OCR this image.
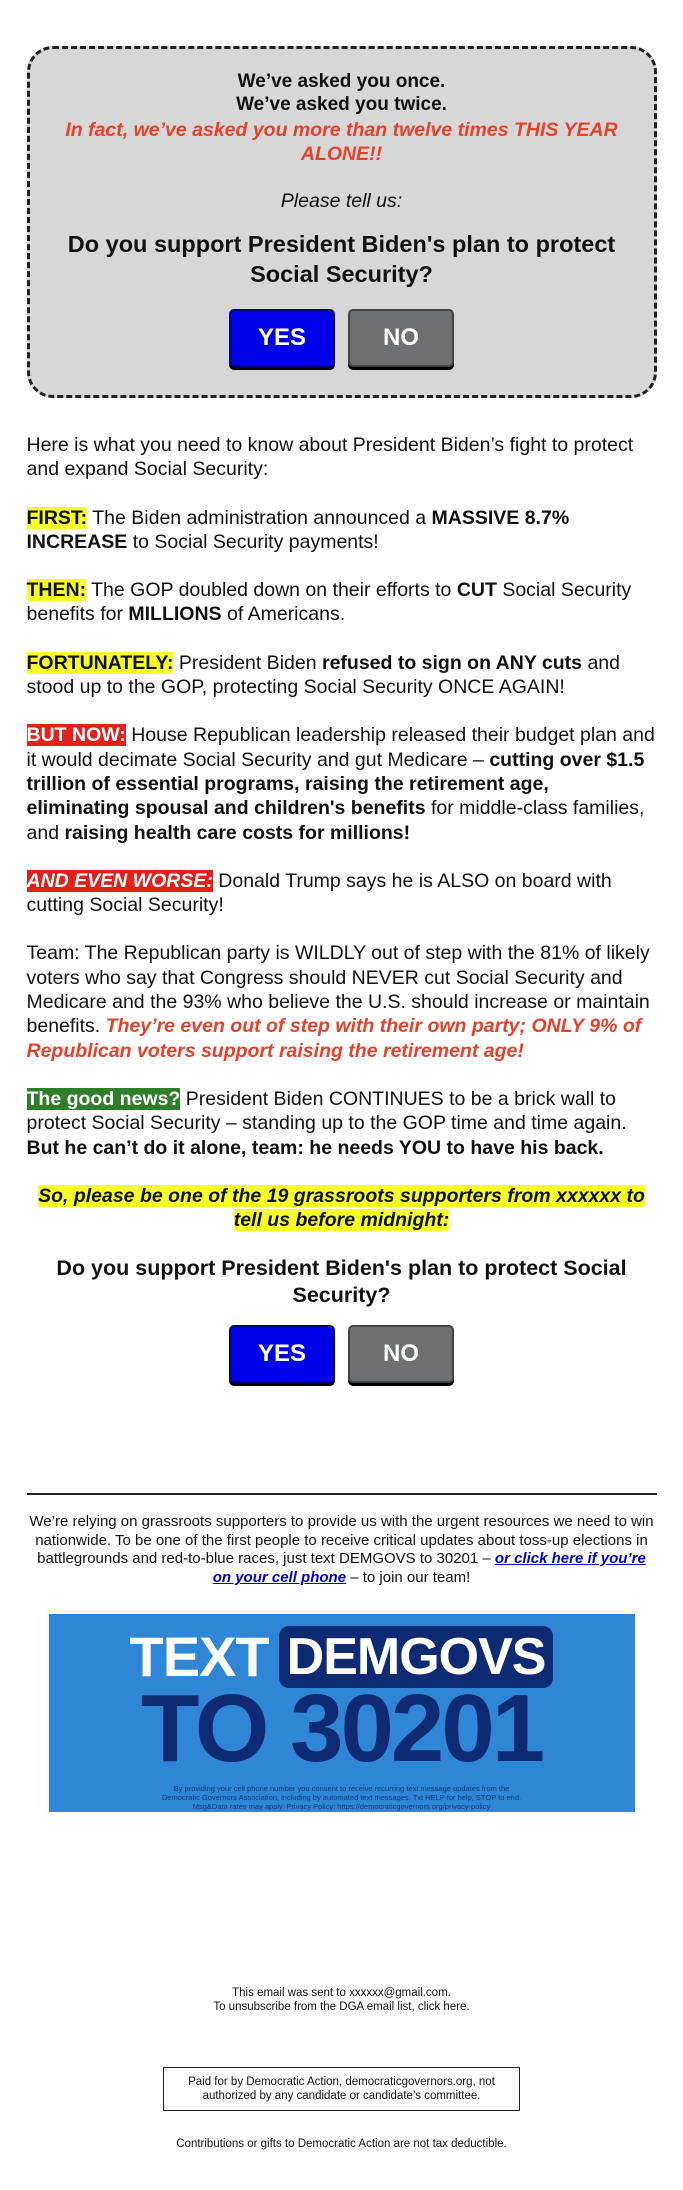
We’ve asked you once.
We’ve asked you twice.
In fact, we’ve asked you more than twelve times THIS YEAR ALONE!!
Please tell us:
Do you support President Biden's plan to protect Social Security?
YES	NO

Here is what you need to know about President Biden’s fight to protect and expand Social Security:

FIRST: The Biden administration announced a MASSIVE 8.7% INCREASE to Social Security payments!

THEN: The GOP doubled down on their efforts to CUT Social Security benefits for MILLIONS of Americans.

FORTUNATELY: President Biden refused to sign on ANY cuts and stood up to the GOP, protecting Social Security ONCE AGAIN!

BUT NOW: House Republican leadership released their budget plan and it would decimate Social Security and gut Medicare – cutting over $1.5 trillion of essential programs, raising the retirement age, eliminating spousal and children's benefits for middle-class families, and raising health care costs for millions!

AND EVEN WORSE: Donald Trump says he is ALSO on board with cutting Social Security!

Team: The Republican party is WILDLY out of step with the 81% of likely voters who say that Congress should NEVER cut Social Security and Medicare and the 93% who believe the U.S. should increase or maintain benefits. They’re even out of step with their own party; ONLY 9% of Republican voters support raising the retirement age!

The good news? President Biden CONTINUES to be a brick wall to protect Social Security – standing up to the GOP time and time again. But he can’t do it alone, team: he needs YOU to have his back.

So, please be one of the 19 grassroots supporters from xxxxxx to tell us before midnight:
Do you support President Biden's plan to protect Social Security?
YES	NO
We’re relying on grassroots supporters to provide us with the urgent resources we need to win nationwide. To be one of the first people to receive critical updates about toss-up elections in battlegrounds and red-to-blue races, just text DEMGOVS to 30201 – or click here if you’re on your cell phone – to join our team!
TEXT DEMGOVS
TO 30201
By providing your cell phone number you consent to receive recurring text message updates from the Democratic Governors Association, including by automated text messages. Txt HELP for help, STOP to end. Msg&Data rates may apply. Privacy Policy: https://democraticgovernors.org/privacy-policy
This email was sent to xxxxxx@gmail.com.
To unsubscribe from the DGA email list, click here.
Paid for by Democratic Action, democraticgovernors.org, not authorized by any candidate or candidate’s committee.
Contributions or gifts to Democratic Action are not tax deductible.
